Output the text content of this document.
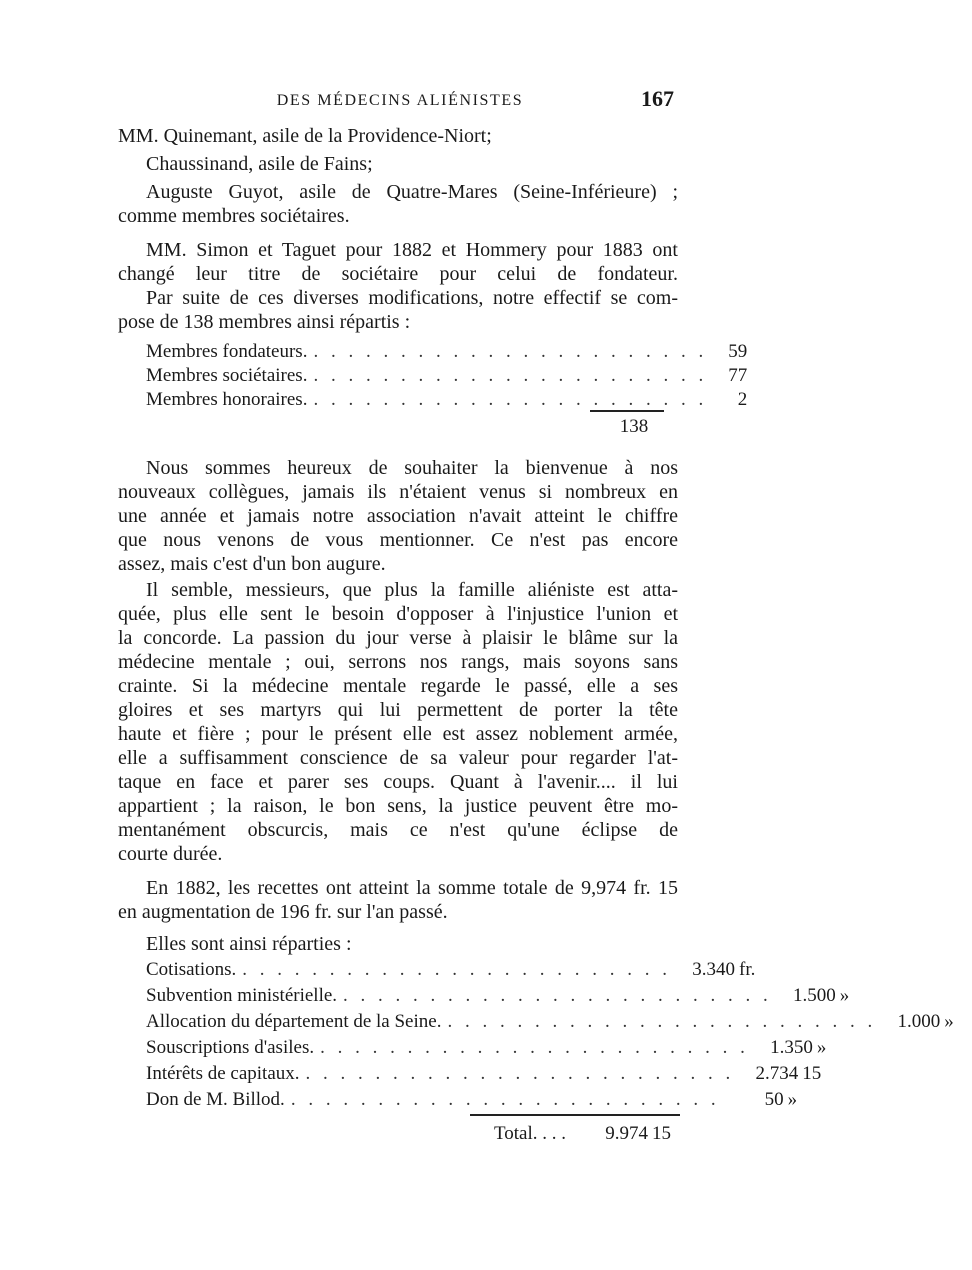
DES MÉDECINS ALIÉNISTES	167
MM. Quinemant, asile de la Providence-Niort;
Chaussinand, asile de Fains;
Auguste Guyot, asile de Quatre-Mares (Seine-Inférieure) ;
comme membres sociétaires.
MM. Simon et Taguet pour 1882 et Hommery pour 1883 ont
changé leur titre de sociétaire pour celui de fondateur.
Par suite de ces diverses modifications, notre effectif se com-
pose de 138 membres ainsi répartis :
Membres fondateurs. . . . . . . . . . . . . . . . . . . . . . . .	59
Membres sociétaires. . . . . . . . . . . . . . . . . . . . . . . .	77
Membres honoraires. . . . . . . . . . . . . . . . . . . . . . . .	2
138
Nous sommes heureux de souhaiter la bienvenue à nos
nouveaux collègues, jamais ils n'étaient venus si nombreux en
une année et jamais notre association n'avait atteint le chiffre
que nous venons de vous mentionner. Ce n'est pas encore
assez, mais c'est d'un bon augure.
Il semble, messieurs, que plus la famille aliéniste est atta-
quée, plus elle sent le besoin d'opposer à l'injustice l'union et
la concorde. La passion du jour verse à plaisir le blâme sur la
médecine mentale ; oui, serrons nos rangs, mais soyons sans
crainte. Si la médecine mentale regarde le passé, elle a ses
gloires et ses martyrs qui lui permettent de porter la tête
haute et fière ; pour le présent elle est assez noblement armée,
elle a suffisamment conscience de sa valeur pour regarder l'at-
taque en face et parer ses coups. Quant à l'avenir.... il lui
appartient ; la raison, le bon sens, la justice peuvent être mo-
mentanément obscurcis, mais ce n'est qu'une éclipse de
courte durée.
En 1882, les recettes ont atteint la somme totale de 9,974 fr. 15
en augmentation de 196 fr. sur l'an passé.
Elles sont ainsi réparties :
Cotisations. . . . . . . . . . . . . . . . . . . . . . . . . . 3.340 fr.
Subvention ministérielle. . . . . . . . . . . . . . . . . . . . . . . . . . 1.500 »
Allocation du département de la Seine. . . . . . . . . . . . . . . . . . . . . . . . . . 1.000 »
Souscriptions d'asiles. . . . . . . . . . . . . . . . . . . . . . . . . . 1.350 »
Intérêts de capitaux. . . . . . . . . . . . . . . . . . . . . . . . . . 2.734 15
Don de M. Billod. . . . . . . . . . . . . . . . . . . . . . . . . . 50 »
Total. . . .	9.974 15
